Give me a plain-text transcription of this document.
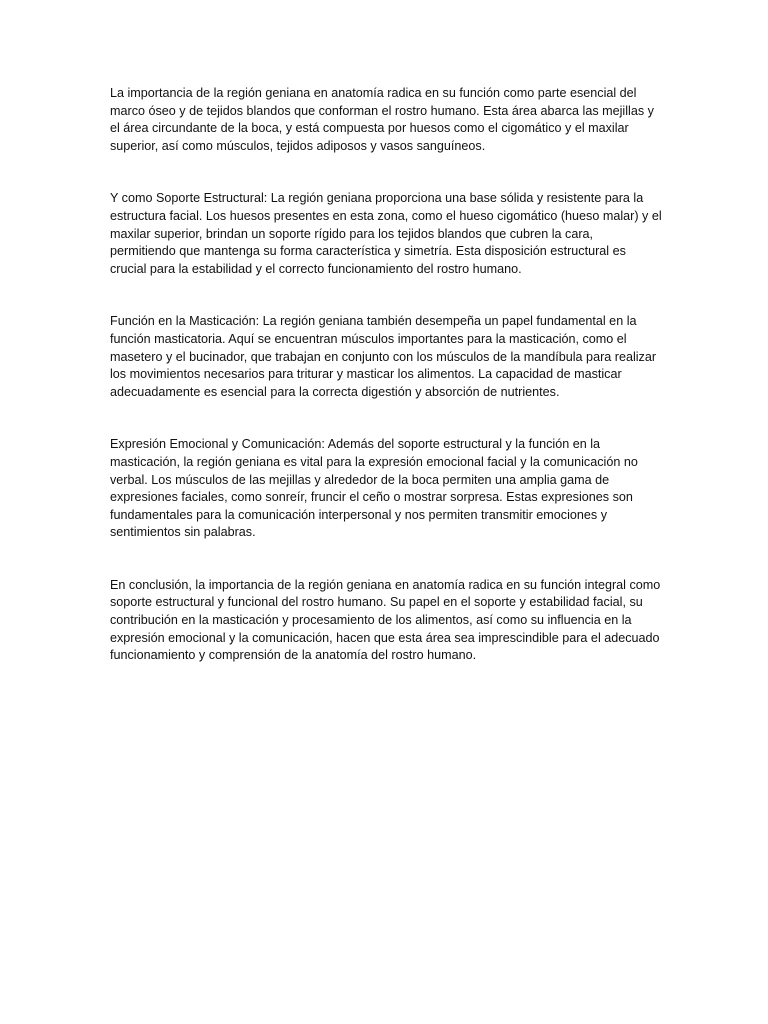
La importancia de la región geniana en anatomía radica en su función como parte esencial del marco óseo y de tejidos blandos que conforman el rostro humano. Esta área abarca las mejillas y el área circundante de la boca, y está compuesta por huesos como el cigomático y el maxilar superior, así como músculos, tejidos adiposos y vasos sanguíneos.

Y como Soporte Estructural: La región geniana proporciona una base sólida y resistente para la estructura facial. Los huesos presentes en esta zona, como el hueso cigomático (hueso malar) y el maxilar superior, brindan un soporte rígido para los tejidos blandos que cubren la cara, permitiendo que mantenga su forma característica y simetría. Esta disposición estructural es crucial para la estabilidad y el correcto funcionamiento del rostro humano.

Función en la Masticación: La región geniana también desempeña un papel fundamental en la función masticatoria. Aquí se encuentran músculos importantes para la masticación, como el masetero y el bucinador, que trabajan en conjunto con los músculos de la mandíbula para realizar los movimientos necesarios para triturar y masticar los alimentos. La capacidad de masticar adecuadamente es esencial para la correcta digestión y absorción de nutrientes.

Expresión Emocional y Comunicación: Además del soporte estructural y la función en la masticación, la región geniana es vital para la expresión emocional facial y la comunicación no verbal. Los músculos de las mejillas y alrededor de la boca permiten una amplia gama de expresiones faciales, como sonreír, fruncir el ceño o mostrar sorpresa. Estas expresiones son fundamentales para la comunicación interpersonal y nos permiten transmitir emociones y sentimientos sin palabras.

En conclusión, la importancia de la región geniana en anatomía radica en su función integral como soporte estructural y funcional del rostro humano. Su papel en el soporte y estabilidad facial, su contribución en la masticación y procesamiento de los alimentos, así como su influencia en la expresión emocional y la comunicación, hacen que esta área sea imprescindible para el adecuado funcionamiento y comprensión de la anatomía del rostro humano.
